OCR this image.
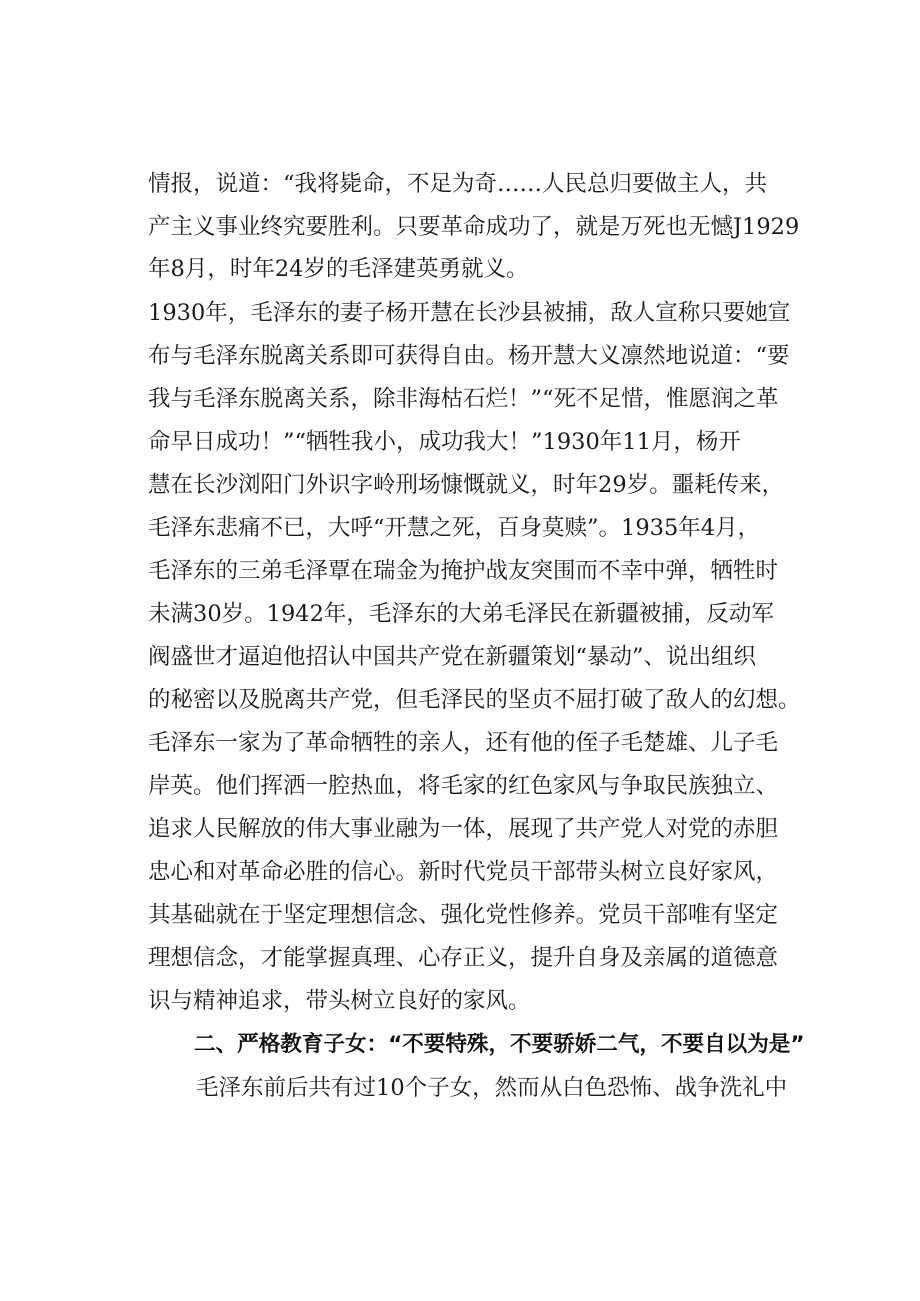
情报，说道：“我将毙命，不足为奇……人民总归要做主人，共
产主义事业终究要胜利。只要革命成功了，就是万死也无憾J1929
年8月，时年24岁的毛泽建英勇就义。
1930年，毛泽东的妻子杨开慧在长沙县被捕，敌人宣称只要她宣
布与毛泽东脱离关系即可获得自由。杨开慧大义凛然地说道：“要
我与毛泽东脱离关系，除非海枯石烂！”“死不足惜，惟愿润之革
命早日成功！”“牺牲我小，成功我大！”1930年11月，杨开
慧在长沙浏阳门外识字岭刑场慷慨就义，时年29岁。噩耗传来，
毛泽东悲痛不已，大呼“开慧之死，百身莫赎”。1935年4月，
毛泽东的三弟毛泽覃在瑞金为掩护战友突围而不幸中弹，牺牲时
未满30岁。1942年，毛泽东的大弟毛泽民在新疆被捕，反动军
阀盛世才逼迫他招认中国共产党在新疆策划“暴动”、说出组织
的秘密以及脱离共产党，但毛泽民的坚贞不屈打破了敌人的幻想。
毛泽东一家为了革命牺牲的亲人，还有他的侄子毛楚雄、儿子毛
岸英。他们挥洒一腔热血，将毛家的红色家风与争取民族独立、
追求人民解放的伟大事业融为一体，展现了共产党人对党的赤胆
忠心和对革命必胜的信心。新时代党员干部带头树立良好家风，
其基础就在于坚定理想信念、强化党性修养。党员干部唯有坚定
理想信念，才能掌握真理、心存正义，提升自身及亲属的道德意
识与精神追求，带头树立良好的家风。
二、严格教育子女：“不要特殊，不要骄娇二气，不要自以为是”
毛泽东前后共有过10个子女，然而从白色恐怖、战争洗礼中
